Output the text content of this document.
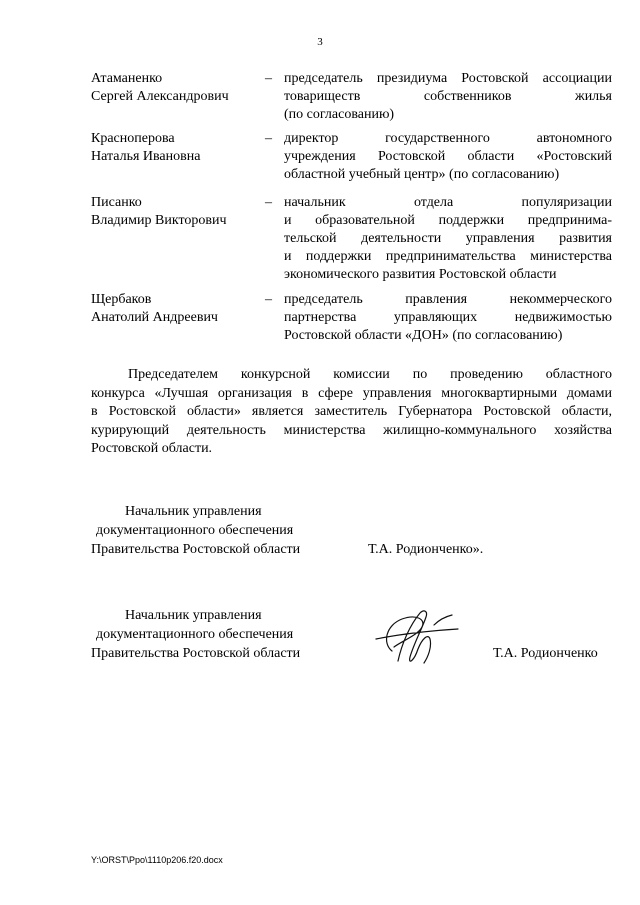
3
Атаманенко
Сергей Александрович
– председатель президиума Ростовской ассоциации
товариществ собственников жилья
(по согласованию)
Красноперова
Наталья Ивановна
– директор государственного автономного
учреждения Ростовской области «Ростовский
областной учебный центр» (по согласованию)
Писанко
Владимир Викторович
– начальник отдела популяризации
и образовательной поддержки предпринима-
тельской деятельности управления развития
и поддержки предпринимательства министерства
экономического развития Ростовской области
Щербаков
Анатолий Андреевич
– председатель правления некоммерческого
партнерства управляющих недвижимостью
Ростовской области «ДОН» (по согласованию)
Председателем конкурсной комиссии по проведению областного
конкурса «Лучшая организация в сфере управления многоквартирными домами
в Ростовской области» является заместитель Губернатора Ростовской области,
курирующий деятельность министерства жилищно-коммунального хозяйства
Ростовской области.
Начальник управления
документационного обеспечения
Правительства Ростовской области	Т.А. Родионченко».
Начальник управления
документационного обеспечения
Правительства Ростовской области	Т.А. Родионченко
Y:\ORST\Ppo\1110p206.f20.docx
